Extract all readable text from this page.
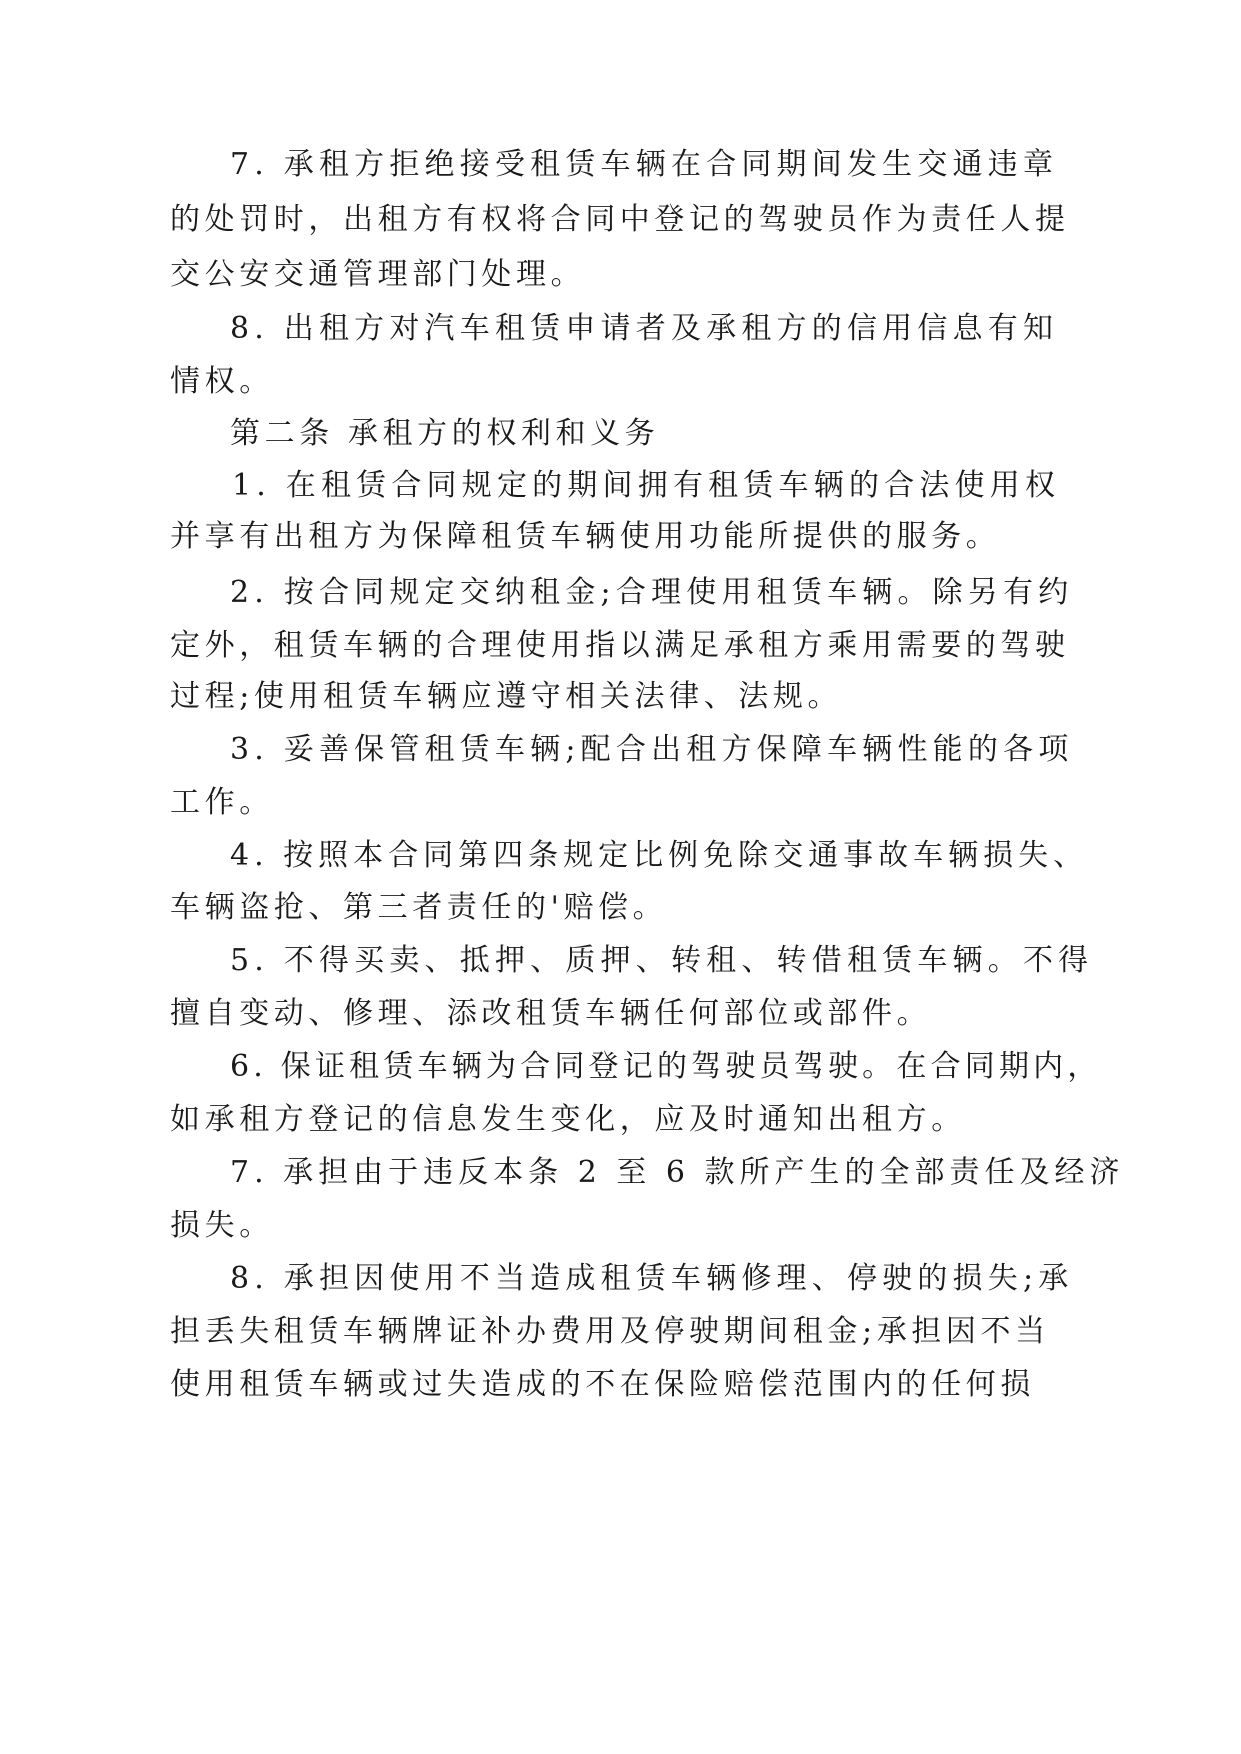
7. 承租方拒绝接受租赁车辆在合同期间发生交通违章
的处罚时，出租方有权将合同中登记的驾驶员作为责任人提
交公安交通管理部门处理。
8. 出租方对汽车租赁申请者及承租方的信用信息有知
情权。
第二条 承租方的权利和义务
1. 在租赁合同规定的期间拥有租赁车辆的合法使用权
并享有出租方为保障租赁车辆使用功能所提供的服务。
2. 按合同规定交纳租金;合理使用租赁车辆。除另有约
定外，租赁车辆的合理使用指以满足承租方乘用需要的驾驶
过程;使用租赁车辆应遵守相关法律、法规。
3. 妥善保管租赁车辆;配合出租方保障车辆性能的各项
工作。
4. 按照本合同第四条规定比例免除交通事故车辆损失、
车辆盗抢、第三者责任的'赔偿。
5. 不得买卖、抵押、质押、转租、转借租赁车辆。不得
擅自变动、修理、添改租赁车辆任何部位或部件。
6. 保证租赁车辆为合同登记的驾驶员驾驶。在合同期内，
如承租方登记的信息发生变化，应及时通知出租方。
7. 承担由于违反本条 2 至 6 款所产生的全部责任及经济
损失。
8. 承担因使用不当造成租赁车辆修理、停驶的损失;承
担丢失租赁车辆牌证补办费用及停驶期间租金;承担因不当
使用租赁车辆或过失造成的不在保险赔偿范围内的任何损
